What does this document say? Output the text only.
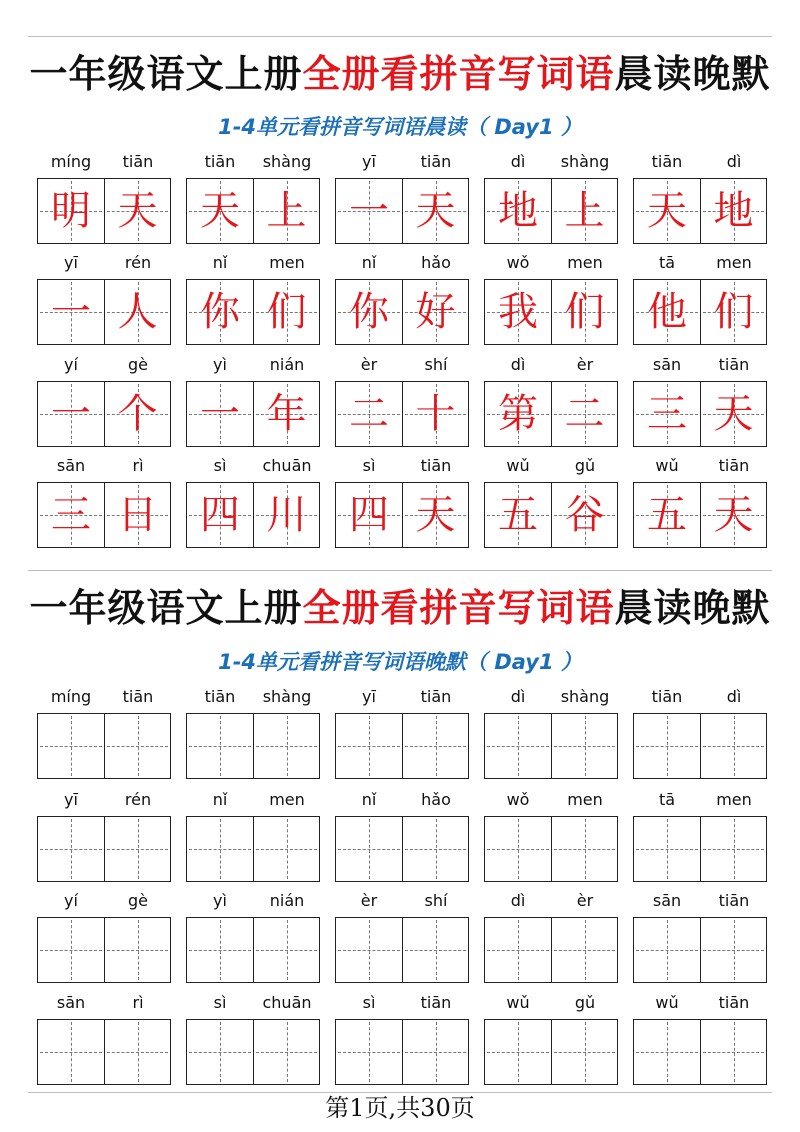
一年级语文上册全册看拼音写词语晨读晚默
1-4单元看拼音写词语晨读（ Day1 ）
míng	tiān
明 天
tiān	shàng
天 上
yī	tiān
一 天
dì	shàng
地 上
tiān	dì
天 地
yī	rén
一 人
nǐ	men
你 们
nǐ	hǎo
你 好
wǒ	men
我 们
tā	men
他 们
yí	gè
一 个
yì	nián
一 年
èr	shí
二 十
dì	èr
第 二
sān	tiān
三 天
sān	rì
三 日
sì	chuān
四 川
sì	tiān
四 天
wǔ	gǔ
五 谷
wǔ	tiān
五 天
一年级语文上册全册看拼音写词语晨读晚默
1-4单元看拼音写词语晚默（ Day1 ）
míng	tiān	tiān	shàng	yī	tiān	dì	shàng	tiān	dì
yī	rén	nǐ	men	nǐ	hǎo	wǒ	men	tā	men
yí	gè	yì	nián	èr	shí	dì	èr	sān	tiān
sān	rì	sì	chuān	sì	tiān	wǔ	gǔ	wǔ	tiān
第1页,共30页
